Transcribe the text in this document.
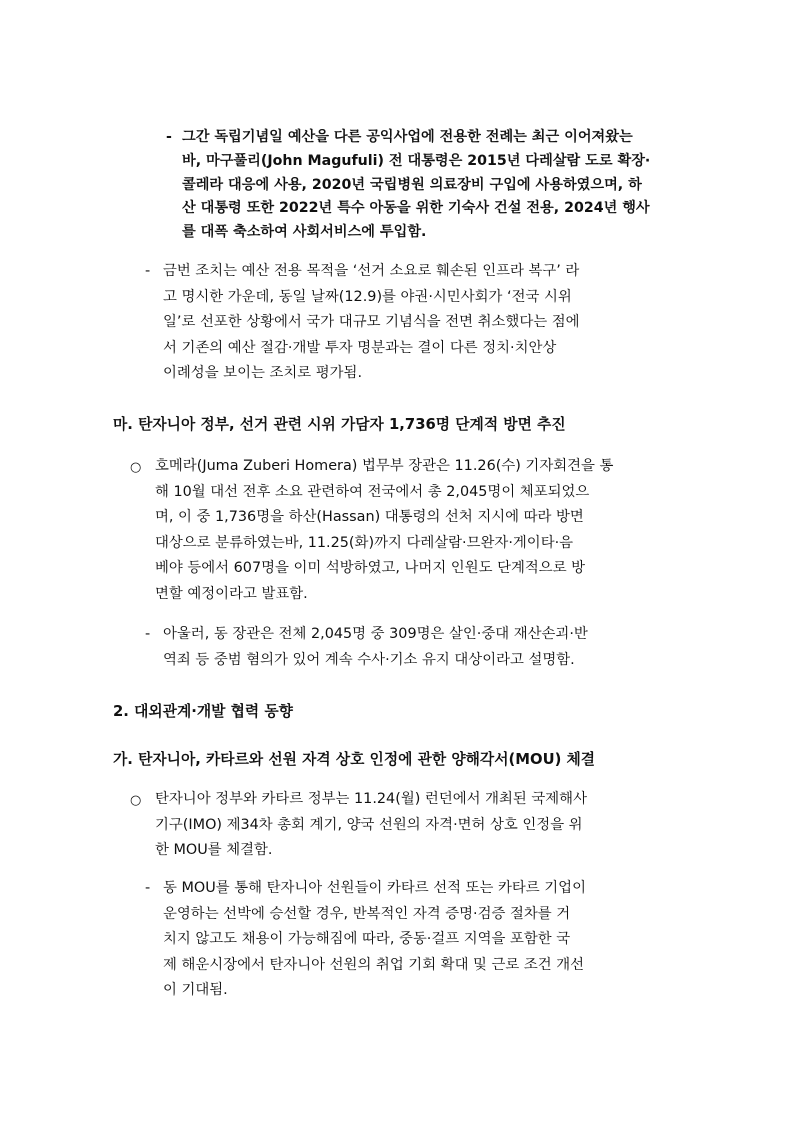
- 그간 독립기념일 예산을 다른 공익사업에 전용한 전례는 최근 이어져왔는
바, 마구풀리(John Magufuli) 전 대통령은 2015년 다레살람 도로 확장·
콜레라 대응에 사용, 2020년 국립병원 의료장비 구입에 사용하였으며, 하
산 대통령 또한 2022년 특수 아동을 위한 기숙사 건설 전용, 2024년 행사
를 대폭 축소하여 사회서비스에 투입함.
- 금번 조치는 예산 전용 목적을 ‘선거 소요로 훼손된 인프라 복구’ 라
고 명시한 가운데, 동일 날짜(12.9)를 야권·시민사회가 ‘전국 시위
일’로 선포한 상황에서 국가 대규모 기념식을 전면 취소했다는 점에
서 기존의 예산 절감·개발 투자 명분과는 결이 다른 정치·치안상
이례성을 보이는 조치로 평가됨.
마. 탄자니아 정부, 선거 관련 시위 가담자 1,736명 단계적 방면 추진
○ 호메라(Juma Zuberi Homera) 법무부 장관은 11.26(수) 기자회견을 통
해 10월 대선 전후 소요 관련하여 전국에서 총 2,045명이 체포되었으
며, 이 중 1,736명을 하산(Hassan) 대통령의 선처 지시에 따라 방면
대상으로 분류하였는바, 11.25(화)까지 다레살람·므완자·게이타·음
베야 등에서 607명을 이미 석방하였고, 나머지 인원도 단계적으로 방
면할 예정이라고 발표함.
- 아울러, 동 장관은 전체 2,045명 중 309명은 살인·중대 재산손괴·반
역죄 등 중범 혐의가 있어 계속 수사·기소 유지 대상이라고 설명함.
2. 대외관계·개발 협력 동향
가. 탄자니아, 카타르와 선원 자격 상호 인정에 관한 양해각서(MOU) 체결
○ 탄자니아 정부와 카타르 정부는 11.24(월) 런던에서 개최된 국제해사
기구(IMO) 제34차 총회 계기, 양국 선원의 자격·면허 상호 인정을 위
한 MOU를 체결함.
- 동 MOU를 통해 탄자니아 선원들이 카타르 선적 또는 카타르 기업이
운영하는 선박에 승선할 경우, 반복적인 자격 증명·검증 절차를 거
치지 않고도 채용이 가능해짐에 따라, 중동·걸프 지역을 포함한 국
제 해운시장에서 탄자니아 선원의 취업 기회 확대 및 근로 조건 개선
이 기대됨.
